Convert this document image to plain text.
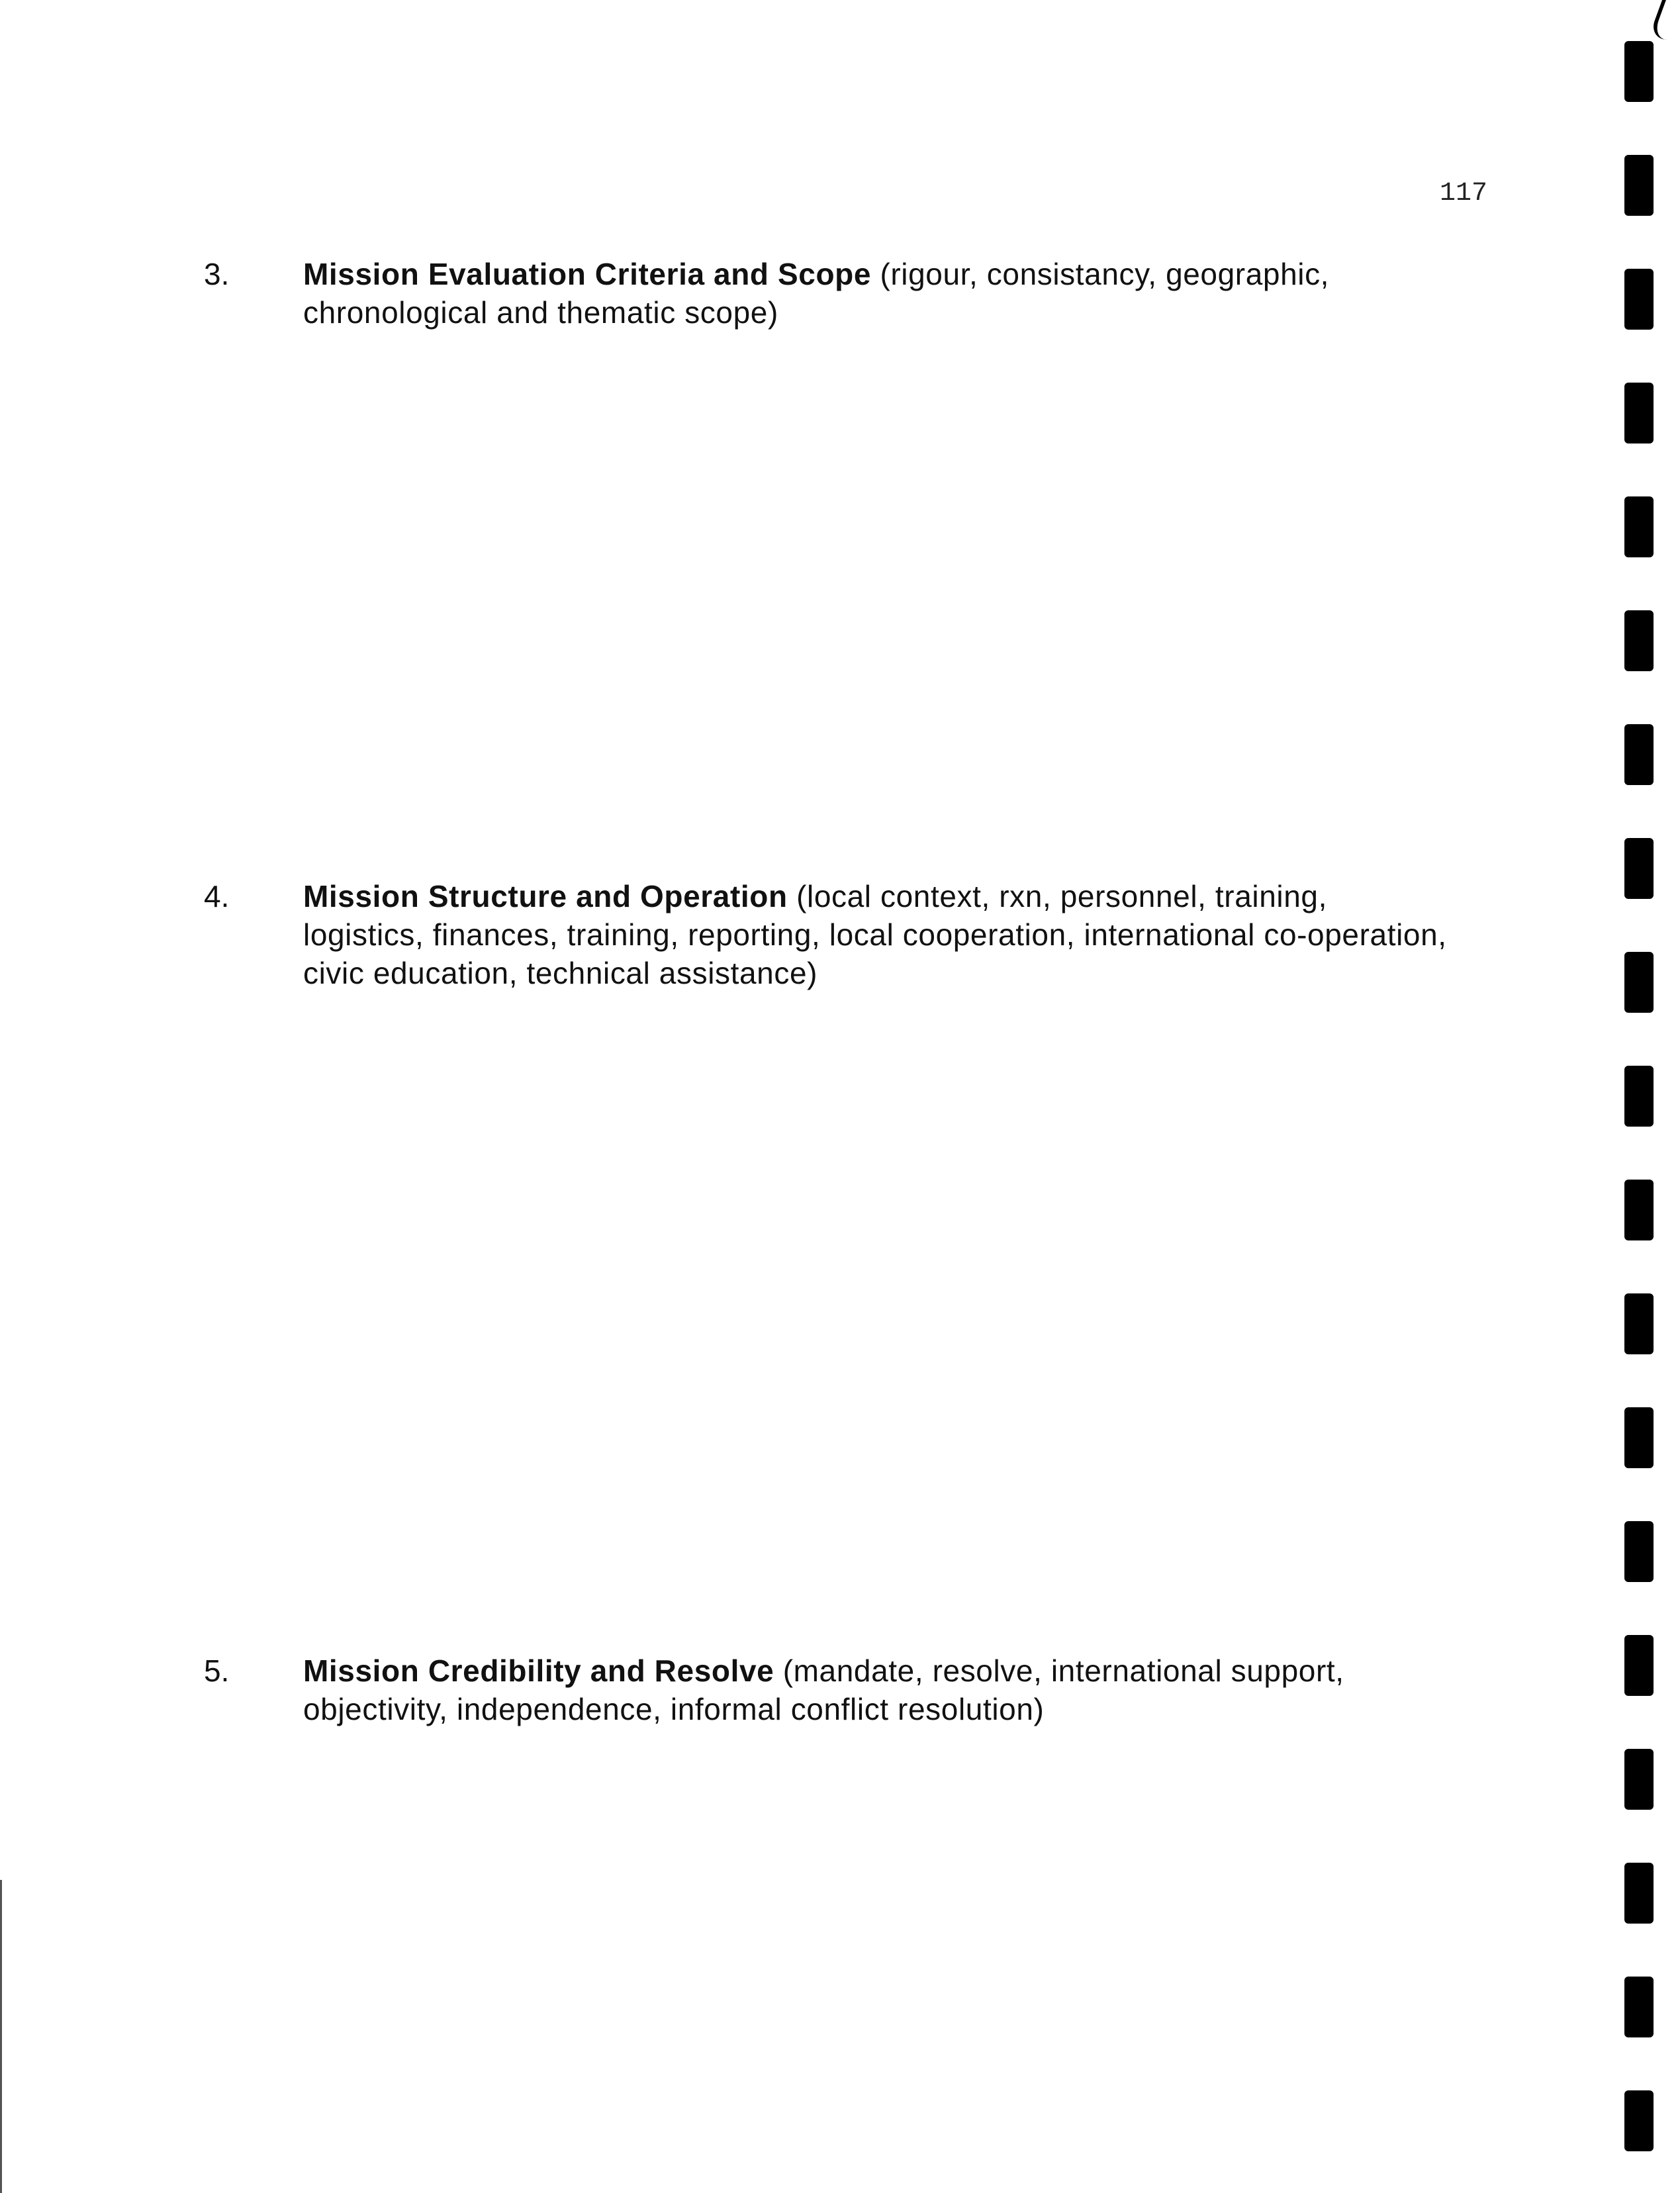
117
3. Mission Evaluation Criteria and Scope (rigour, consistancy, geographic,
chronological and thematic scope)
4. Mission Structure and Operation (local context, rxn, personnel, training,
logistics, finances, training, reporting, local cooperation, international co-operation, civic education, technical assistance)
5. Mission Credibility and Resolve (mandate, resolve, international support,
objectivity, independence, informal conflict resolution)
